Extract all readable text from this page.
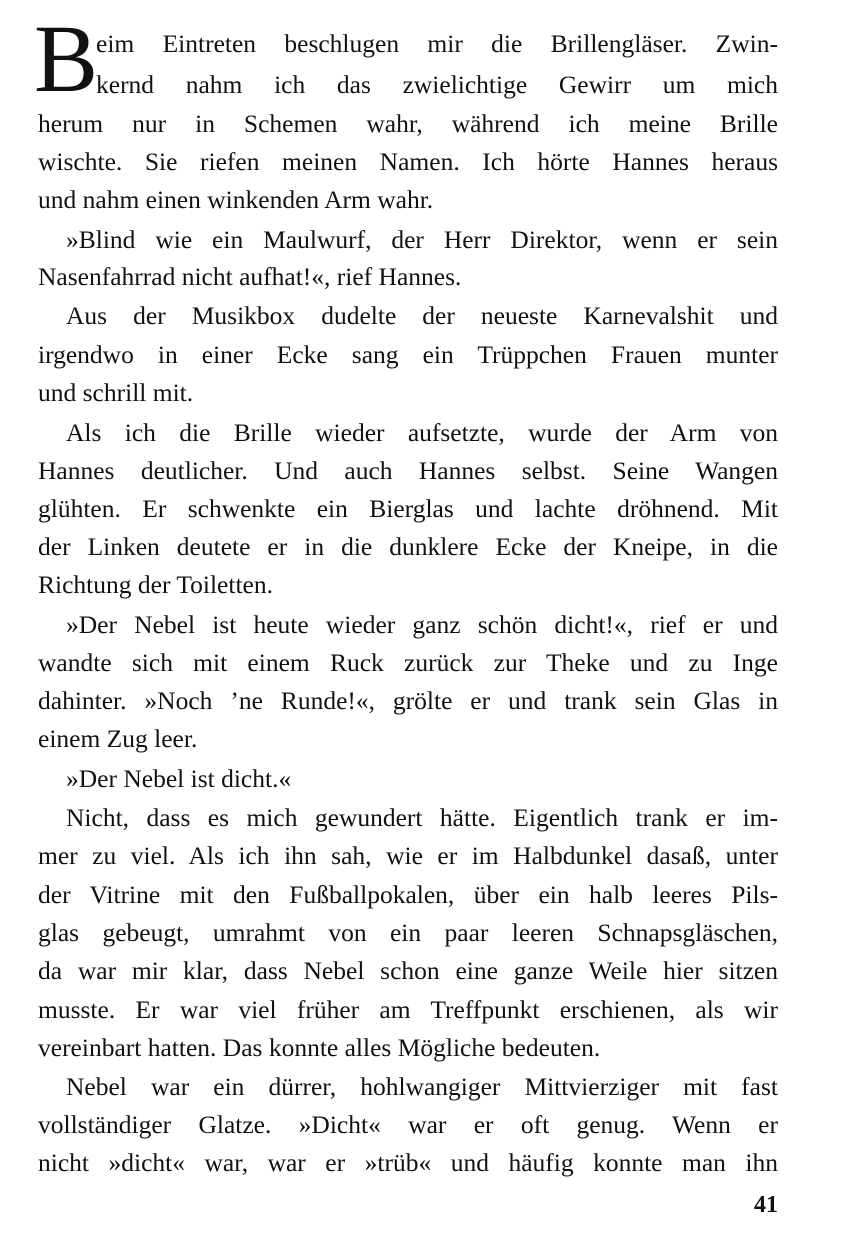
B
eim Eintreten beschlugen mir die Brillengläser. Zwin-
kernd nahm ich das zwielichtige Gewirr um mich
herum nur in Schemen wahr, während ich meine Brille
wischte. Sie riefen meinen Namen. Ich hörte Hannes heraus
und nahm einen winkenden Arm wahr.
»Blind wie ein Maulwurf, der Herr Direktor, wenn er sein
Nasenfahrrad nicht aufhat!«, rief Hannes.
Aus der Musikbox dudelte der neueste Karnevalshit und
irgendwo in einer Ecke sang ein Trüppchen Frauen munter
und schrill mit.
Als ich die Brille wieder aufsetzte, wurde der Arm von
Hannes deutlicher. Und auch Hannes selbst. Seine Wangen
glühten. Er schwenkte ein Bierglas und lachte dröhnend. Mit
der Linken deutete er in die dunklere Ecke der Kneipe, in die
Richtung der Toiletten.
»Der Nebel ist heute wieder ganz schön dicht!«, rief er und
wandte sich mit einem Ruck zurück zur Theke und zu Inge
dahinter. »Noch ’ne Runde!«, grölte er und trank sein Glas in
einem Zug leer.
»Der Nebel ist dicht.«
Nicht, dass es mich gewundert hätte. Eigentlich trank er im-
mer zu viel. Als ich ihn sah, wie er im Halbdunkel dasaß, unter
der Vitrine mit den Fußballpokalen, über ein halb leeres Pils-
glas gebeugt, umrahmt von ein paar leeren Schnapsgläschen,
da war mir klar, dass Nebel schon eine ganze Weile hier sitzen
musste. Er war viel früher am Treffpunkt erschienen, als wir
vereinbart hatten. Das konnte alles Mögliche bedeuten.
Nebel war ein dürrer, hohlwangiger Mittvierziger mit fast
vollständiger Glatze. »Dicht« war er oft genug. Wenn er
nicht »dicht« war, war er »trüb« und häufig konnte man ihn
41
